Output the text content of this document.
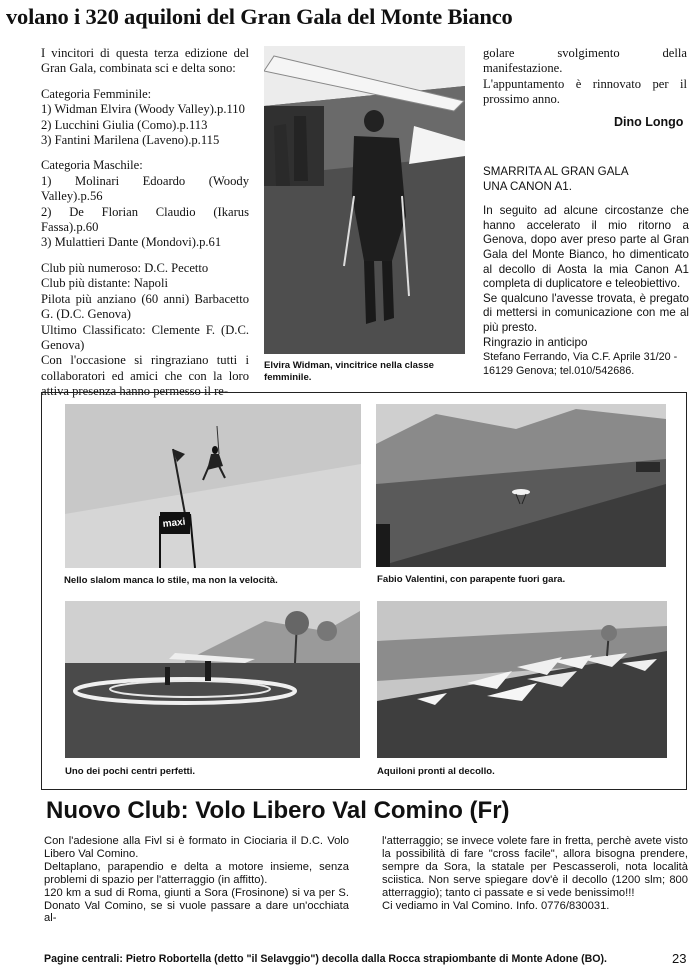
volano i 320 aquiloni del Gran Gala del Monte Bianco

I vincitori di questa terza edizione del Gran Gala, combinata sci e delta sono:

Categoria Femminile:

1) Widman Elvira (Woody Valley).p.110

2) Lucchini Giulia (Como).p.113

3) Fantini Marilena (Laveno).p.115

Categoria Maschile:

1) Molinari Edoardo (Woody Valley).p.56

2) De Florian Claudio (Ikarus Fassa).p.60

3) Mulattieri Dante (Mondovi).p.61

Club più numeroso: D.C. Pecetto

Club più distante: Napoli

Pilota più anziano (60 anni) Barbacetto G. (D.C. Genova)

Ultimo Classificato: Clemente F. (D.C. Genova)

Con l'occasione si ringraziano tutti i collaboratori ed amici che con la loro attiva presenza hanno permesso il re-

Elvira Widman, vincitrice nella classe femminile.

golare svolgimento della manifestazione.

L'appuntamento è rinnovato per il prossimo anno.

Dino Longo

SMARRITA AL GRAN GALA UNA CANON A1.

In seguito ad alcune circostanze che hanno accelerato il mio ritorno a Genova, dopo aver preso parte al Gran Gala del Monte Bianco, ho dimenticato al decollo di Aosta la mia Canon A1 completa di duplicatore e teleobiettivo.

Se qualcuno l'avesse trovata, è pregato di mettersi in comunicazione con me al più presto.

Ringrazio in anticipo

Stefano Ferrando, Via C.F. Aprile 31/20 - 16129 Genova; tel.010/542686.

maxi
Nello slalom manca lo stile, ma non la velocità.	Fabio Valentini, con parapente fuori gara.
Uno dei pochi centri perfetti.	Aquiloni pronti al decollo.
Nuovo Club: Volo Libero Val Comino (Fr)

Con l'adesione alla Fivl si è formato in Ciociaria il D.C. Volo Libero Val Comino.

Deltaplano, parapendio e delta a motore insieme, senza problemi di spazio per l'atterraggio (in affitto).

120 km a sud di Roma, giunti a Sora (Frosinone) si va per S. Donato Val Comino, se si vuole passare a dare un'occhiata al-

l'atterraggio; se invece volete fare in fretta, perchè avete visto la possibilità di fare "cross facile", allora bisogna prendere, sempre da Sora, la statale per Pescasseroli, nota località sciistica. Non serve spiegare dov'è il decollo (1200 slm; 800 atterraggio); tanto ci passate e si vede benissimo!!!

Ci vediamo in Val Comino. Info. 0776/830031.

Pagine centrali: Pietro Robortella (detto "il Selavggio") decolla dalla Rocca strapiombante di Monte Adone (BO).	23
